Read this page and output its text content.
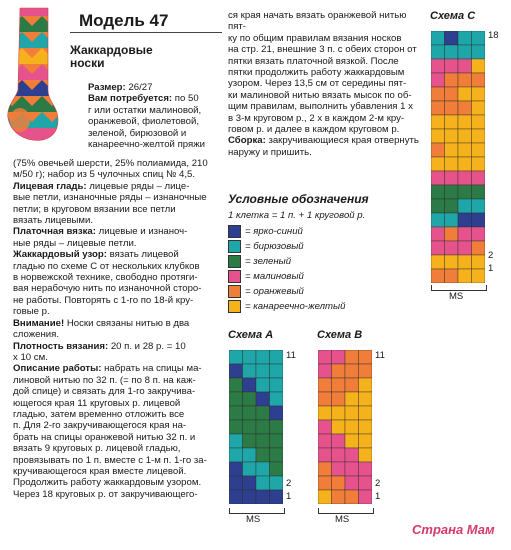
Модель 47
Жаккардовые
носки

Размер: 26/27

Вам потребуется: по 50

г или остатки малиновой,

оранжевой, фиолетовой,

зеленой, бирюзовой и

канареечно-желтой пряжи

(75% овечьей шерсти, 25% полиамида, 210

м/50 г); набор из 5 чулочных спиц № 4,5.

Лицевая гладь: лицевые ряды – лице-

вые петли, изнаночные ряды – изнаночные

петли; в круговом вязании все петли

вязать лицевыми.

Платочная вязка: лицевые и изнаноч-

ные ряды – лицевые петли.

Жаккардовый узор: вязать лицевой

гладью по схеме С от нескольких клубков

в норвежской технике, свободно протяги-

вая нерабочую нить по изнаночной сторо-

не работы. Повторять с 1-го по 18-й кру-

говые р.

Внимание! Носки связаны нитью в два

сложения.

Плотность вязания: 20 п. и 28 р. = 10

х 10 см.

Описание работы: набрать на спицы ма-

линовой нитью по 32 п. (= по 8 п. на каж-

дой спице) и связать для 1-го закручива-

ющегося края 11 круговых р. лицевой

гладью, затем временно отложить все

п. Для 2-го закручивающегося края на-

брать на спицы оранжевой нитью 32 п. и

вязать 9 круговых р. лицевой гладью,

провязывать по 1 п. вместе с 1-м п. 1-го за-

кручивающегося края вместе лицевой.

Продолжить работу жаккардовым узором.

Через 18 круговых р. от закручивающего-

ся края начать вязать оранжевой нитью пят-

ку по общим правилам вязания носков

на стр. 21, внешние 3 п. с обеих сторон от

пятки вязать платочной вязкой. После

пятки продолжить работу жаккардовым

узором. Через 13,5 см от середины пят-

ки малиновой нитью вязать мысок по об-

щим правилам, выполнить убавления 1 х

в 3-м круговом р., 2 х в каждом 2-м кру-

говом р. и далее в каждом круговом р.

Сборка: закручивающиеся края отвернуть

наружу и пришить.

Условные обозначения
1 клетка = 1 п. + 1 круговой р.
= ярко-синий
= бирюзовый
= зеленый
= малиновый
= оранжевый
= канареечно-желтый
Схема С
18
2
1
MS
Схема А
11
2
1
MS
Схема B
11
2
1
MS
Страна Мам
